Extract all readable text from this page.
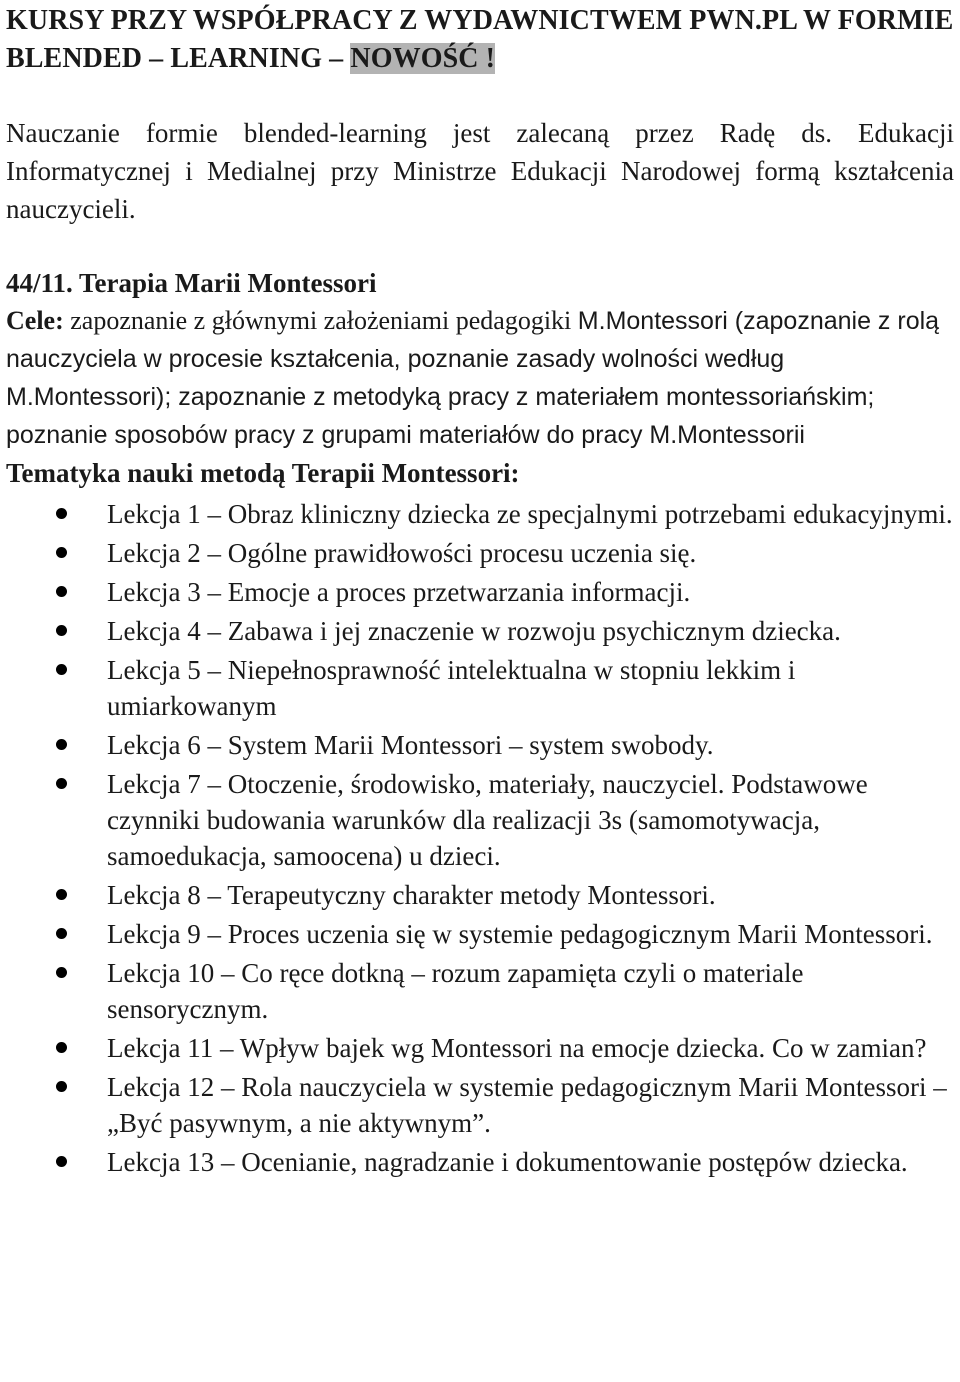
KURSY PRZY WSPÓŁPRACY Z WYDAWNICTWEM PWN.PL W FORMIE BLENDED – LEARNING – NOWOŚĆ !

Nauczanie formie blended-learning jest zalecaną przez Radę ds. Edukacji Informatycznej i Medialnej przy Ministrze Edukacji Narodowej formą kształcenia nauczycieli.

44/11. Terapia Marii Montessori

Cele: zapoznanie z głównymi założeniami pedagogiki M.Montessori (zapoznanie z rolą nauczyciela w procesie kształcenia, poznanie zasady wolności według M.Montessori); zapoznanie z metodyką pracy z materiałem montessoriańskim; poznanie sposobów pracy z grupami materiałów do pracy M.Montessorii

Tematyka nauki metodą Terapii Montessori:

Lekcja 1 – Obraz kliniczny dziecka ze specjalnymi potrzebami edukacyjnymi.
Lekcja 2 – Ogólne prawidłowości procesu uczenia się.
Lekcja 3 – Emocje a proces przetwarzania informacji.
Lekcja 4 – Zabawa i jej znaczenie w rozwoju psychicznym dziecka.
Lekcja 5 – Niepełnosprawność intelektualna w stopniu lekkim i umiarkowanym
Lekcja 6 – System Marii Montessori – system swobody.
Lekcja 7 – Otoczenie, środowisko, materiały, nauczyciel. Podstawowe czynniki budowania warunków dla realizacji 3s (samomotywacja, samoedukacja, samoocena) u dzieci.
Lekcja 8 – Terapeutyczny charakter metody Montessori.
Lekcja 9 – Proces uczenia się w systemie pedagogicznym Marii Montessori.
Lekcja 10 – Co ręce dotkną – rozum zapamięta czyli o materiale sensorycznym.
Lekcja 11 – Wpływ bajek wg Montessori na emocje dziecka. Co w zamian?
Lekcja 12 – Rola nauczyciela w systemie pedagogicznym Marii Montessori – „Być pasywnym, a nie aktywnym”.
Lekcja 13 – Ocenianie, nagradzanie i dokumentowanie postępów dziecka.
